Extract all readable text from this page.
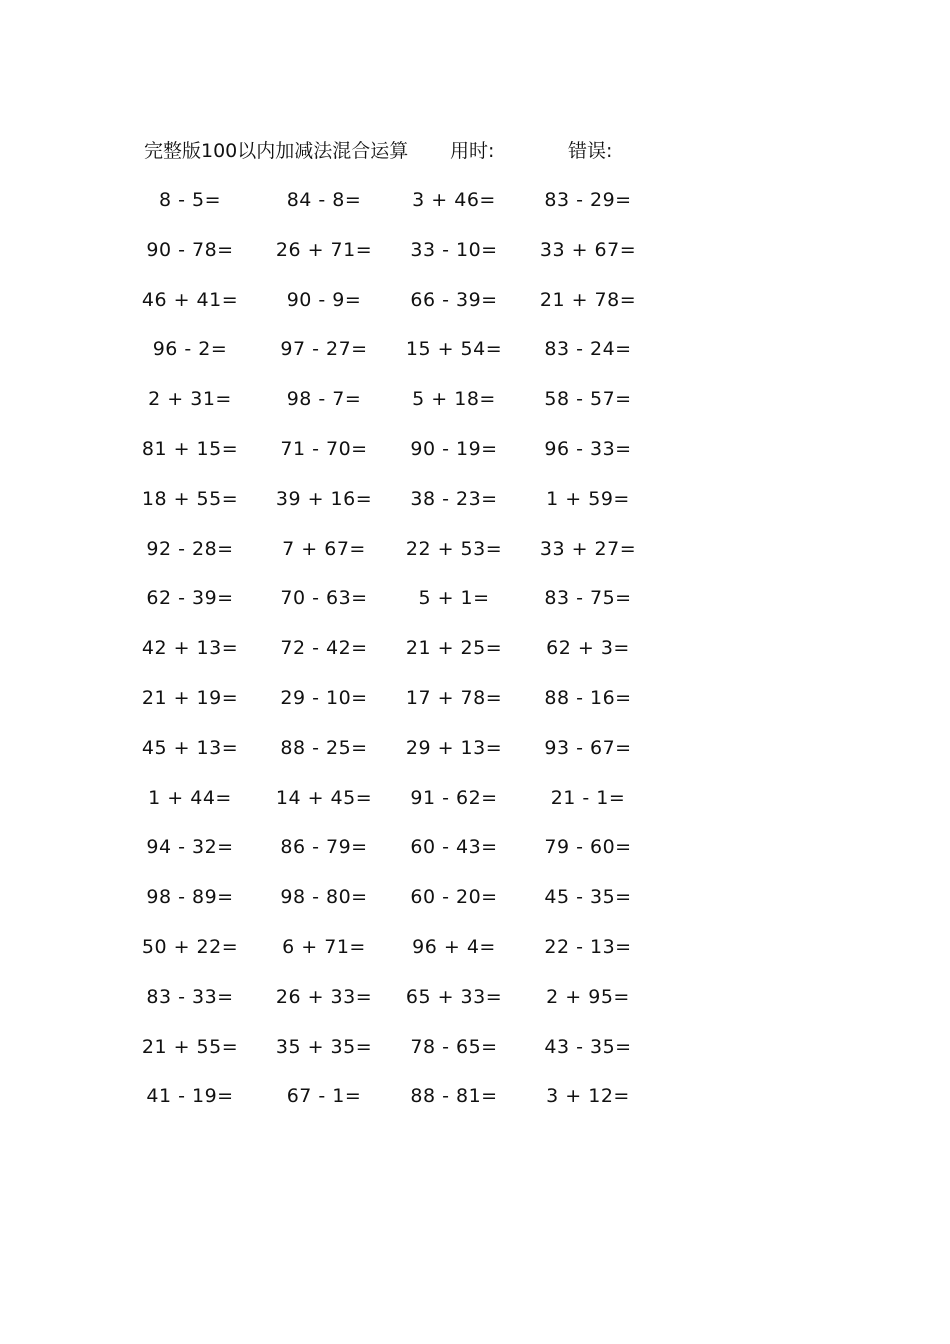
完整版100以内加减法混合运算 用时:	错误:
8 - 5=	84 - 8=	3 + 46=	83 - 29=
90 - 78=	26 + 71=	33 - 10=	33 + 67=
46 + 41=	90 - 9=	66 - 39=	21 + 78=
96 - 2=	97 - 27=	15 + 54=	83 - 24=
2 + 31=	98 - 7=	5 + 18=	58 - 57=
81 + 15=	71 - 70=	90 - 19=	96 - 33=
18 + 55=	39 + 16=	38 - 23=	1 + 59=
92 - 28=	7 + 67=	22 + 53=	33 + 27=
62 - 39=	70 - 63=	5 + 1=	83 - 75=
42 + 13=	72 - 42=	21 + 25=	62 + 3=
21 + 19=	29 - 10=	17 + 78=	88 - 16=
45 + 13=	88 - 25=	29 + 13=	93 - 67=
1 + 44=	14 + 45=	91 - 62=	21 - 1=
94 - 32=	86 - 79=	60 - 43=	79 - 60=
98 - 89=	98 - 80=	60 - 20=	45 - 35=
50 + 22=	6 + 71=	96 + 4=	22 - 13=
83 - 33=	26 + 33=	65 + 33=	2 + 95=
21 + 55=	35 + 35=	78 - 65=	43 - 35=
41 - 19=	67 - 1=	88 - 81=	3 + 12=
